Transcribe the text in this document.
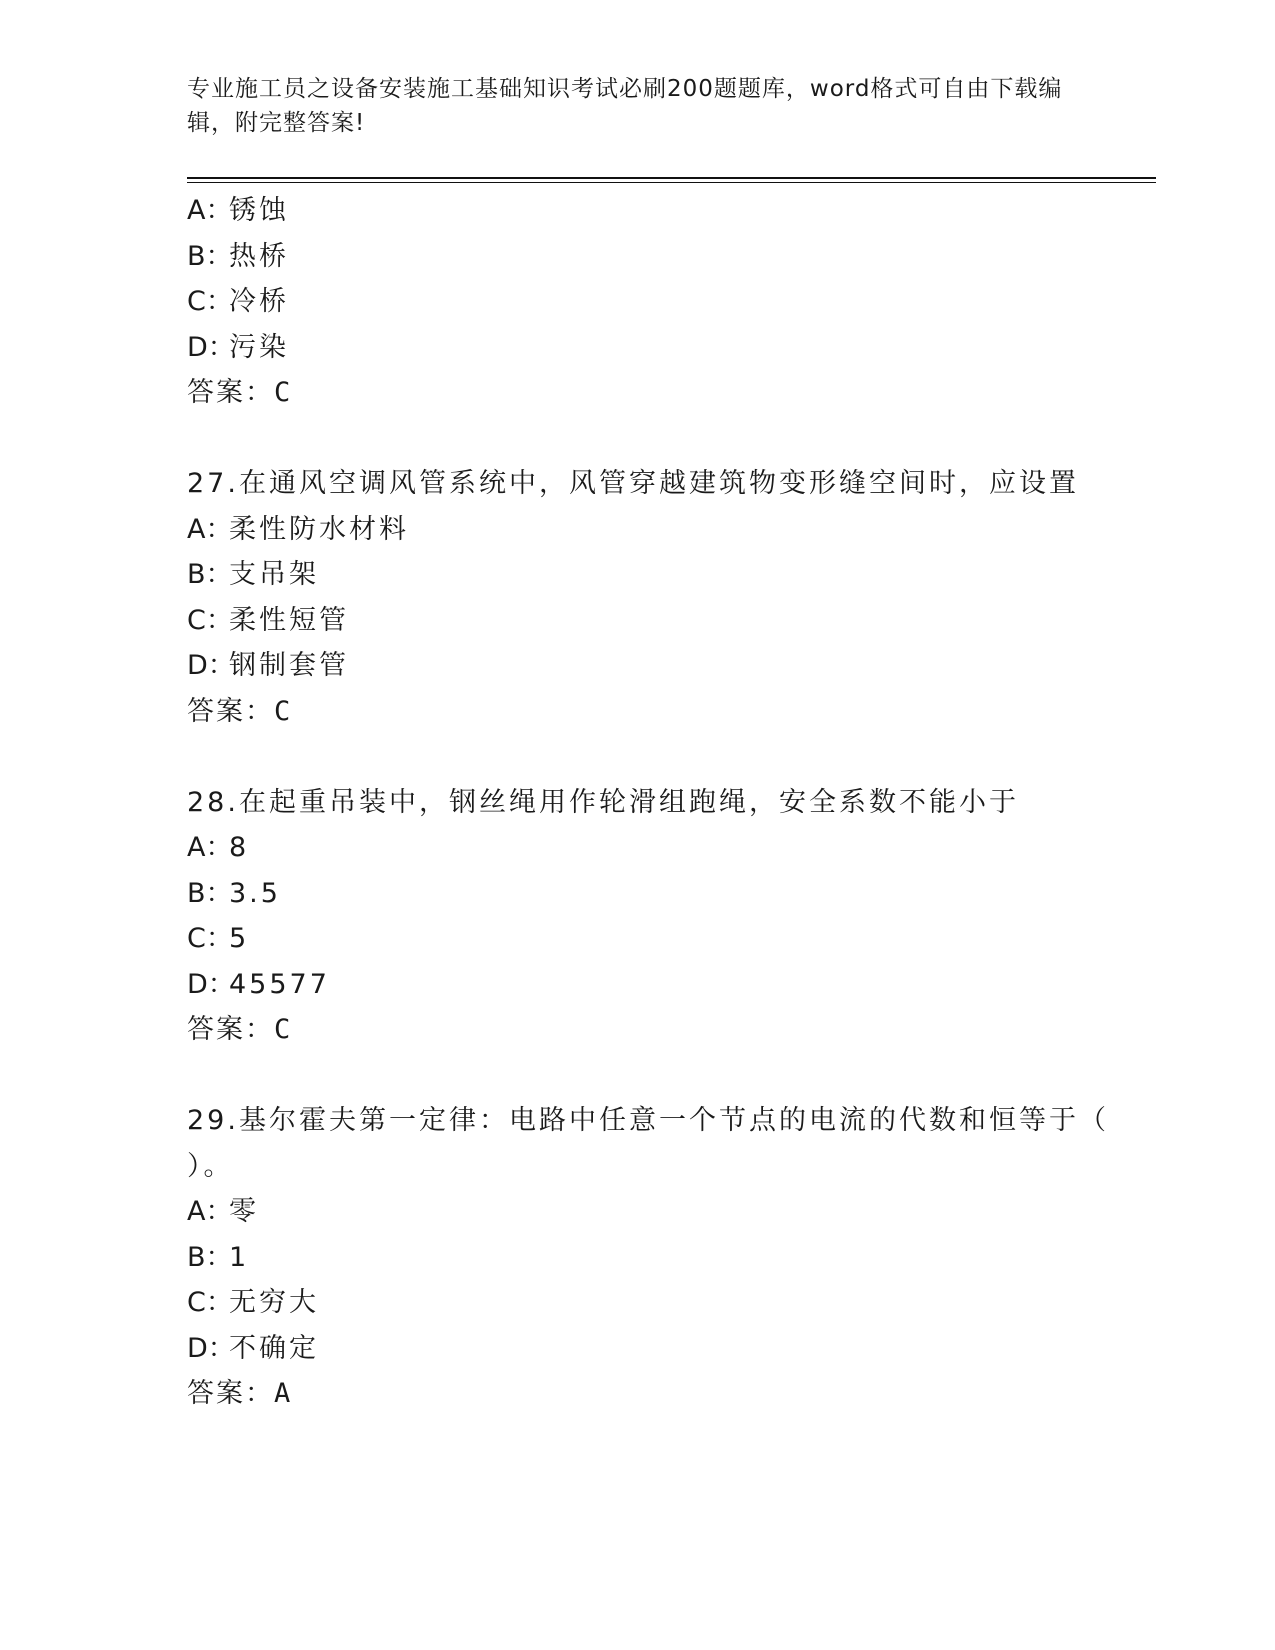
专业施工员之设备安装施工基础知识考试必刷200题题库，word格式可自由下载编辑，附完整答案!
A：锈蚀
B：热桥
C：冷桥
D：污染
答案：C
27.在通风空调风管系统中，风管穿越建筑物变形缝空间时，应设置
A：柔性防水材料
B：支吊架
C：柔性短管
D：钢制套管
答案：C
28.在起重吊装中，钢丝绳用作轮滑组跑绳，安全系数不能小于
A：8
B：3.5
C：5
D：45577
答案：C
29.基尔霍夫第一定律：电路中任意一个节点的电流的代数和恒等于（
）。
A：零
B：1
C：无穷大
D：不确定
答案：A
